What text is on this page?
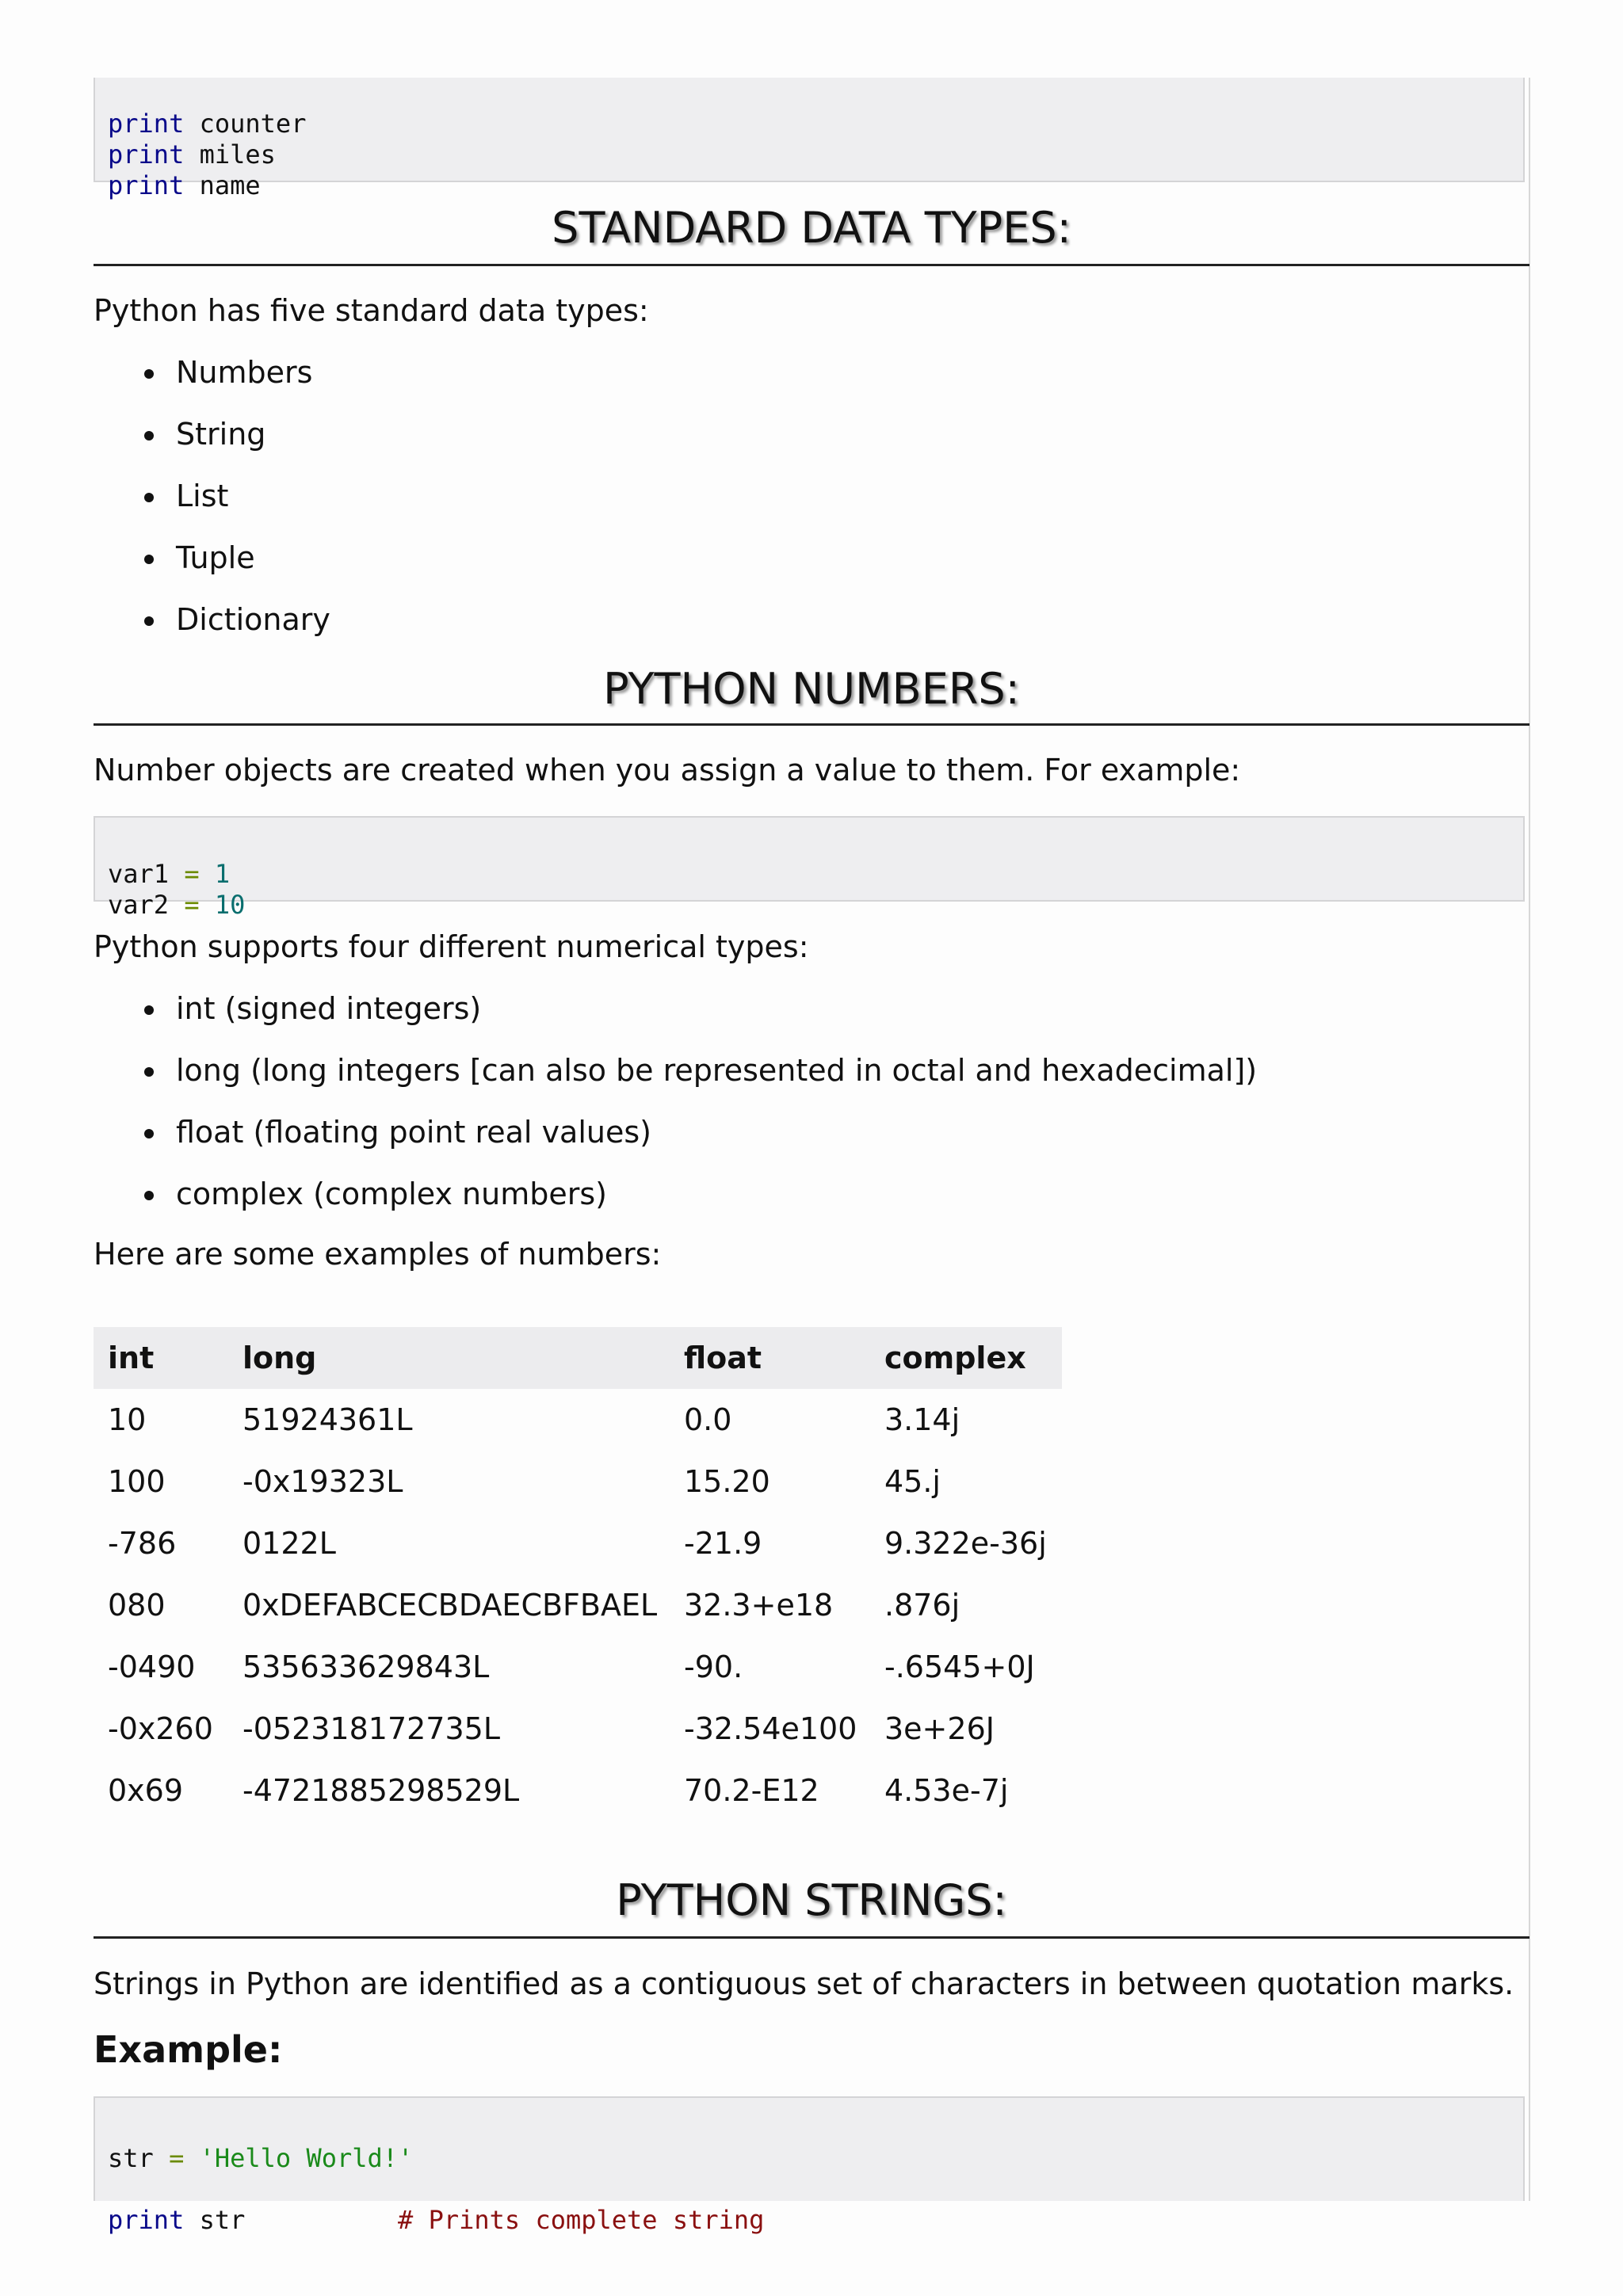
print counter
print miles
print name
STANDARD DATA TYPES:

Python has five standard data types:

Numbers
String
List
Tuple
Dictionary
PYTHON NUMBERS:

Number objects are created when you assign a value to them. For example:

var1 = 1
var2 = 10

Python supports four different numerical types:

int (signed integers)
long (long integers [can also be represented in octal and hexadecimal])
float (floating point real values)
complex (complex numbers)

Here are some examples of numbers:

int	long	float	complex
10	51924361L	0.0	3.14j
100	-0x19323L	15.20	45.j
-786	0122L	-21.9	9.322e-36j
080	0xDEFABCECBDAECBFBAEL	32.3+e18	.876j
-0490	535633629843L	-90.	-.6545+0J
-0x260	-052318172735L	-32.54e100	3e+26J
0x69	-4721885298529L	70.2-E12	4.53e-7j
PYTHON STRINGS:

Strings in Python are identified as a contiguous set of characters in between quotation marks.

Example:

str = 'Hello World!'
print str          # Prints complete string
